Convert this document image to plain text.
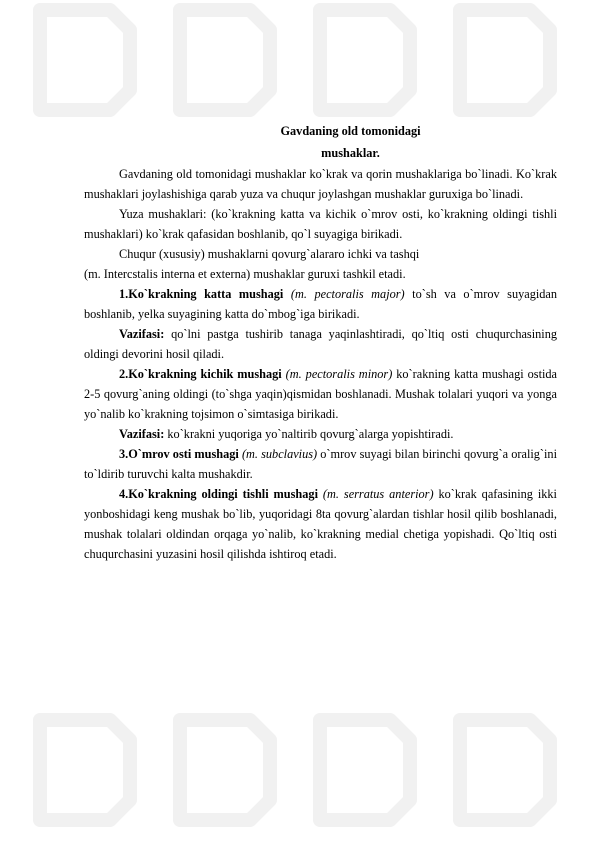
Gavdaning old tomonidagi
mushaklar.

Gavdaning old tomonidagi mushaklar ko`krak va qorin mushaklariga bo`linadi. Ko`krak mushaklari joylashishiga qarab yuza va chuqur joylashgan mushaklar guruxiga bo`linadi.

Yuza mushaklari: (ko`krakning katta va kichik o`mrov osti, ko`krakning oldingi tishli mushaklari) ko`krak qafasidan boshlanib, qo`l suyagiga birikadi.

Chuqur (xususiy) mushaklarni qovurg`alararo ichki va tashqi

(m. Intercstalis interna et externa) mushaklar guruxi tashkil etadi.

1.Ko`krakning katta mushagi (m. pectoralis major) to`sh va o`mrov suyagidan boshlanib, yelka suyagining katta do`mbog`iga birikadi.

Vazifasi: qo`lni pastga tushirib tanaga yaqinlashtiradi, qo`ltiq osti chuqurchasining oldingi devorini hosil qiladi.

2.Ko`krakning kichik mushagi (m. pectoralis minor) ko`rakning katta mushagi ostida 2-5 qovurg`aning oldingi (to`shga yaqin)qismidan boshlanadi. Mushak tolalari yuqori va yonga yo`nalib ko`krakning tojsimon o`simtasiga birikadi.

Vazifasi: ko`krakni yuqoriga yo`naltirib qovurg`alarga yopishtiradi.

3.O`mrov osti mushagi (m. subclavius) o`mrov suyagi bilan birinchi qovurg`a oralig`ini to`ldirib turuvchi kalta mushakdir.

4.Ko`krakning oldingi tishli mushagi (m. serratus anterior) ko`krak qafasining ikki yonboshidagi keng mushak bo`lib, yuqoridagi 8ta qovurg`alardan tishlar hosil qilib boshlanadi, mushak tolalari oldindan orqaga yo`nalib, ko`krakning medial chetiga yopishadi. Qo`ltiq osti chuqurchasini yuzasini hosil qilishda ishtiroq etadi.
